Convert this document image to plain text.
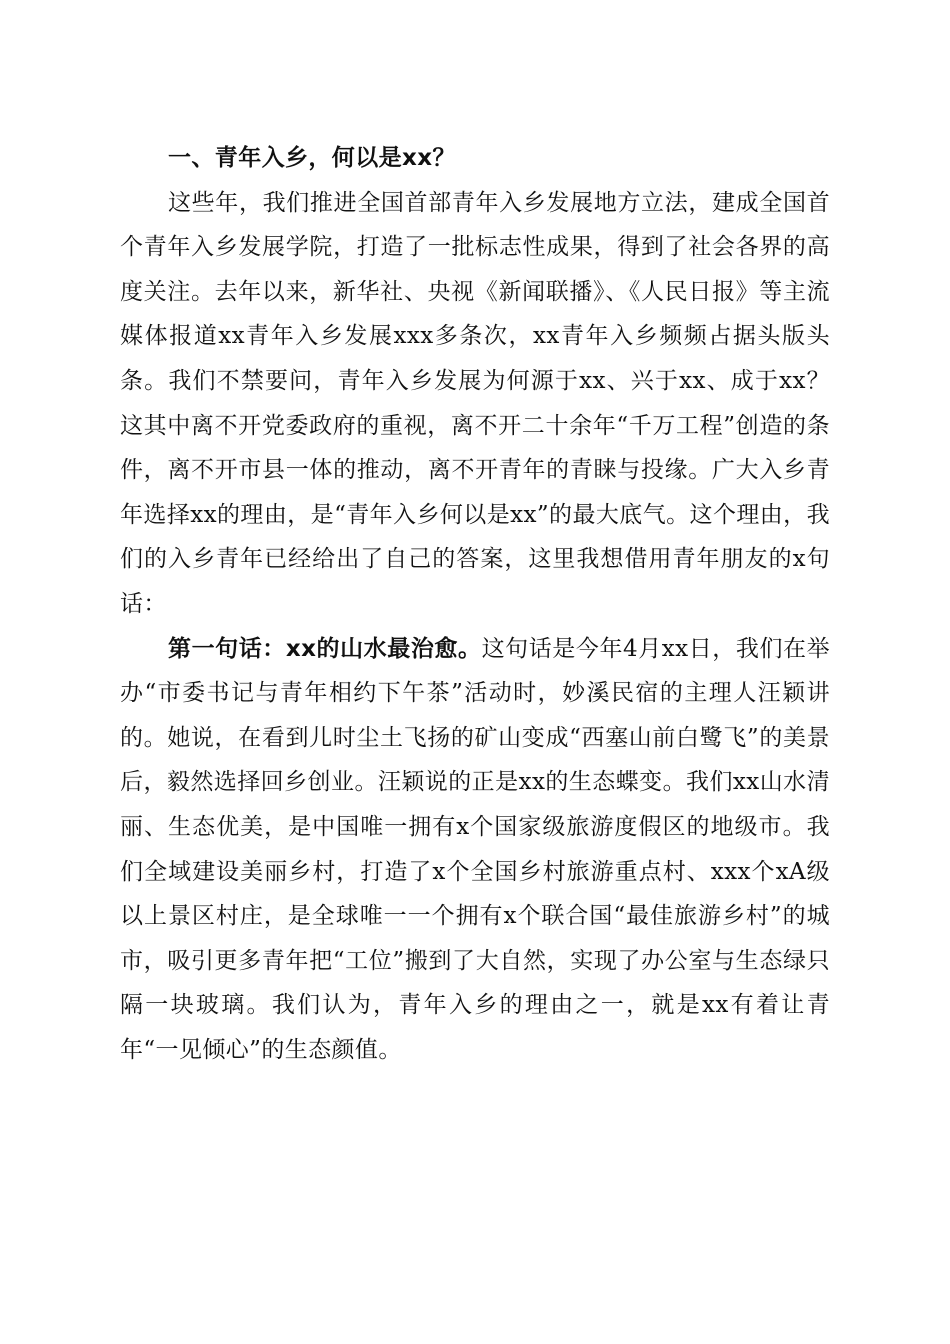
一、青年入乡，何以是xx？

这些年，我们推进全国首部青年入乡发展地方立法，建成全国首个青年入乡发展学院，打造了一批标志性成果，得到了社会各界的高度关注。去年以来，新华社、央视《新闻联播》、《人民日报》等主流媒体报道xx青年入乡发展xxx多条次，xx青年入乡频频占据头版头条。我们不禁要问，青年入乡发展为何源于xx、兴于xx、成于xx？这其中离不开党委政府的重视，离不开二十余年“千万工程”创造的条件，离不开市县一体的推动，离不开青年的青睐与投缘。广大入乡青年选择xx的理由，是“青年入乡何以是xx”的最大底气。这个理由，我们的入乡青年已经给出了自己的答案，这里我想借用青年朋友的x句话：

第一句话：xx的山水最治愈。这句话是今年4月xx日，我们在举办“市委书记与青年相约下午茶”活动时，妙溪民宿的主理人汪颖讲的。她说，在看到儿时尘土飞扬的矿山变成“西塞山前白鹭飞”的美景后，毅然选择回乡创业。汪颖说的正是xx的生态蝶变。我们xx山水清丽、生态优美，是中国唯一拥有x个国家级旅游度假区的地级市。我们全域建设美丽乡村，打造了x个全国乡村旅游重点村、xxx个xA级以上景区村庄，是全球唯一一个拥有x个联合国“最佳旅游乡村”的城市，吸引更多青年把“工位”搬到了大自然，实现了办公室与生态绿只隔一块玻璃。我们认为，青年入乡的理由之一，就是xx有着让青年“一见倾心”的生态颜值。
